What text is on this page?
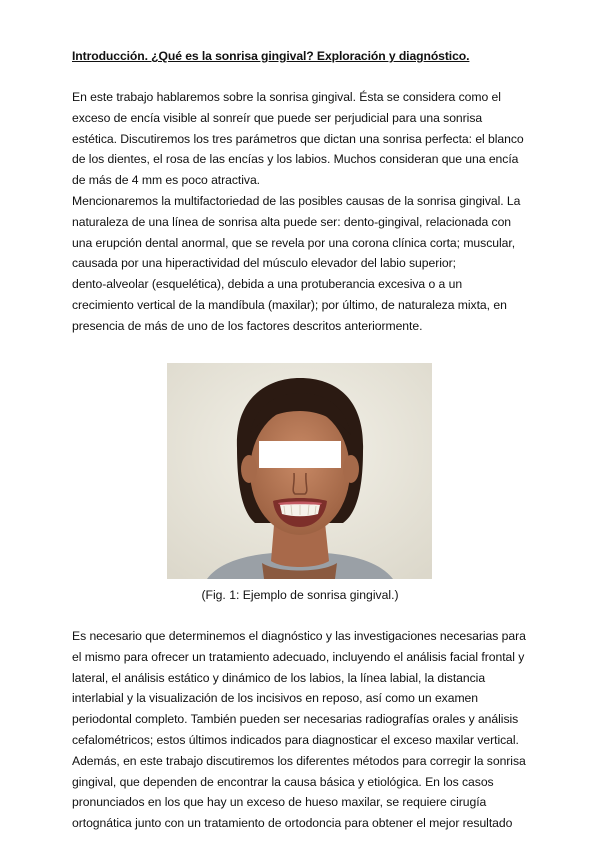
Introducción. ¿Qué es la sonrisa gingival? Exploración y diagnóstico.

En este trabajo hablaremos sobre la sonrisa gingival. Ésta se considera como el
exceso de encía visible al sonreír que puede ser perjudicial para una sonrisa
estética. Discutiremos los tres parámetros que dictan una sonrisa perfecta: el blanco
de los dientes, el rosa de las encías y los labios. Muchos consideran que una encía
de más de 4 mm es poco atractiva.

Mencionaremos la multifactoriedad de las posibles causas de la sonrisa gingival. La
naturaleza de una línea de sonrisa alta puede ser: dento-gingival, relacionada con
una erupción dental anormal, que se revela por una corona clínica corta; muscular,
causada por una hiperactividad del músculo elevador del labio superior;
dento-alveolar (esquelética), debida a una protuberancia excesiva o a un
crecimiento vertical de la mandíbula (maxilar); por último, de naturaleza mixta, en
presencia de más de uno de los factores descritos anteriormente.

(Fig. 1: Ejemplo de sonrisa gingival.)

Es necesario que determinemos el diagnóstico y las investigaciones necesarias para
el mismo para ofrecer un tratamiento adecuado, incluyendo el análisis facial frontal y
lateral, el análisis estático y dinámico de los labios, la línea labial, la distancia
interlabial y la visualización de los incisivos en reposo, así como un examen
periodontal completo. También pueden ser necesarias radiografías orales y análisis
cefalométricos; estos últimos indicados para diagnosticar el exceso maxilar vertical.
Además, en este trabajo discutiremos los diferentes métodos para corregir la sonrisa
gingival, que dependen de encontrar la causa básica y etiológica. En los casos
pronunciados en los que hay un exceso de hueso maxilar, se requiere cirugía
ortognática junto con un tratamiento de ortodoncia para obtener el mejor resultado
